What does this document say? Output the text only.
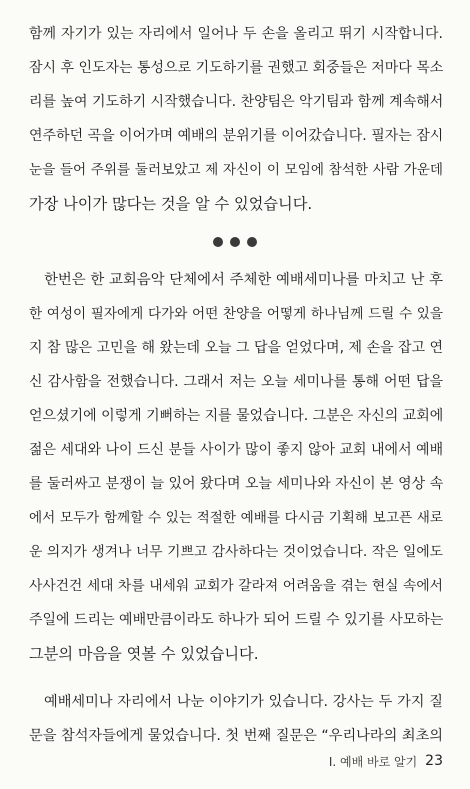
함께 자기가 있는 자리에서 일어나 두 손을 올리고 뛰기 시작합니다.
잠시 후 인도자는 통성으로 기도하기를 권했고 회중들은 저마다 목소
리를 높여 기도하기 시작했습니다. 찬양팀은 악기팀과 함께 계속해서
연주하던 곡을 이어가며 예배의 분위기를 이어갔습니다. 필자는 잠시
눈을 들어 주위를 둘러보았고 제 자신이 이 모임에 참석한 사람 가운데
가장 나이가 많다는 것을 알 수 있었습니다.
한번은 한 교회음악 단체에서 주체한 예배세미나를 마치고 난 후
한 여성이 필자에게 다가와 어떤 찬양을 어떻게 하나님께 드릴 수 있을
지 참 많은 고민을 해 왔는데 오늘 그 답을 얻었다며, 제 손을 잡고 연
신 감사함을 전했습니다. 그래서 저는 오늘 세미나를 통해 어떤 답을
얻으셨기에 이렇게 기뻐하는 지를 물었습니다. 그분은 자신의 교회에
젊은 세대와 나이 드신 분들 사이가 많이 좋지 않아 교회 내에서 예배
를 둘러싸고 분쟁이 늘 있어 왔다며 오늘 세미나와 자신이 본 영상 속
에서 모두가 함께할 수 있는 적절한 예배를 다시금 기획해 보고픈 새로
운 의지가 생겨나 너무 기쁘고 감사하다는 것이었습니다. 작은 일에도
사사건건 세대 차를 내세워 교회가 갈라져 어려움을 겪는 현실 속에서
주일에 드리는 예배만큼이라도 하나가 되어 드릴 수 있기를 사모하는
그분의 마음을 엿볼 수 있었습니다.
예배세미나 자리에서 나눈 이야기가 있습니다. 강사는 두 가지 질
문을 참석자들에게 물었습니다. 첫 번째 질문은 “우리나라의 최초의
I. 예배 바로 알기 23
